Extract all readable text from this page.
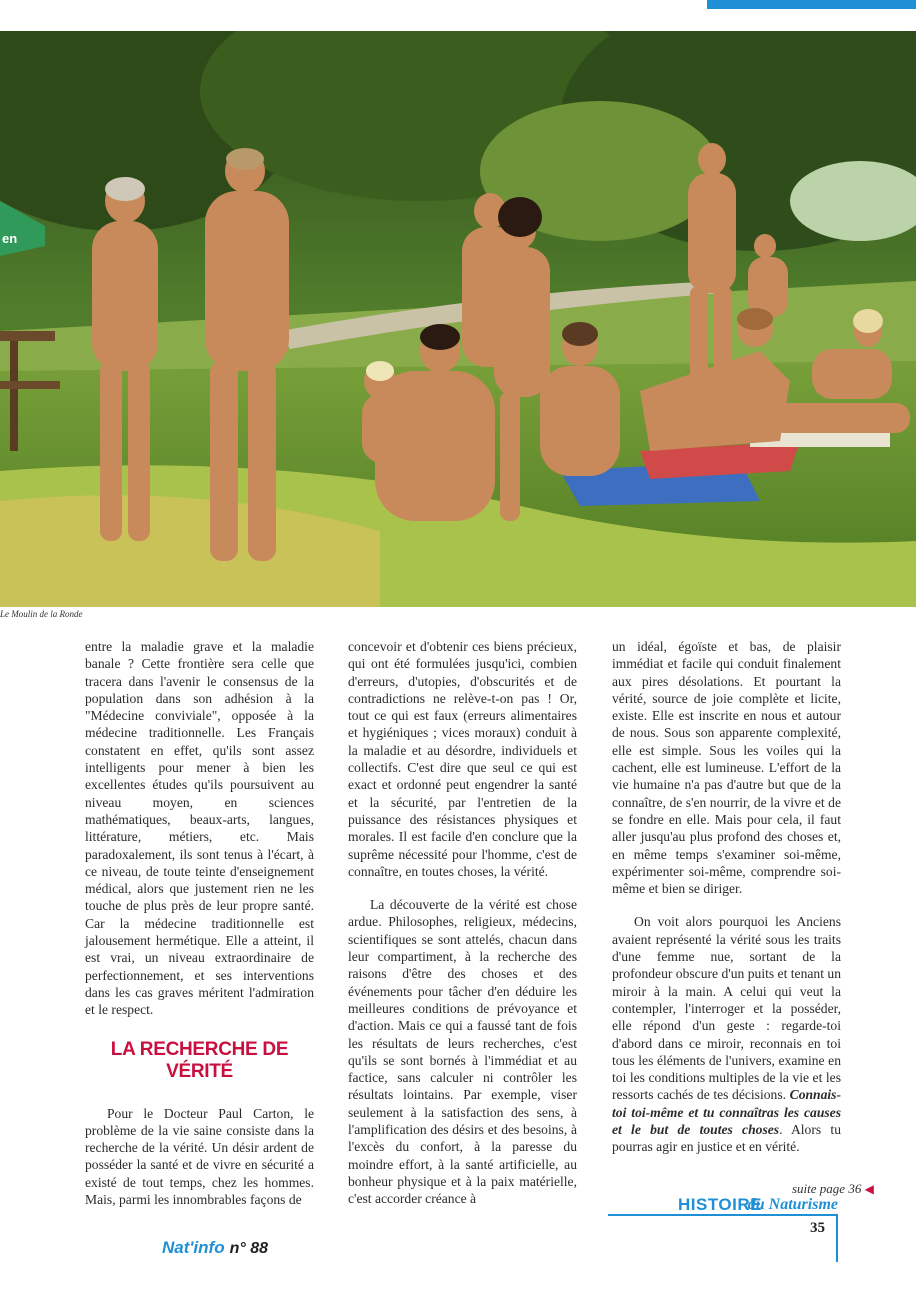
en
Le Moulin de la Ronde

entre la maladie grave et la maladie banale ? Cette frontière sera celle que tracera dans l'avenir le consensus de la population dans son adhésion à la "Médecine conviviale", opposée à la médecine traditionnelle. Les Français constatent en effet, qu'ils sont assez intelligents pour mener à bien les excellentes études qu'ils poursuivent au niveau moyen, en sciences mathématiques, beaux-arts, langues, littérature, métiers, etc. Mais paradoxalement, ils sont tenus à l'écart, à ce niveau, de toute teinte d'enseignement médical, alors que justement rien ne les touche de plus près de leur propre santé. Car la médecine traditionnelle est jalousement hermétique. Elle a atteint, il est vrai, un niveau extraordinaire de perfectionnement, et ses interventions dans les cas graves méritent l'admiration et le respect.

LA RECHERCHE DE VÉRITÉ

Pour le Docteur Paul Carton, le problème de la vie saine consiste dans la recherche de la vérité. Un désir ardent de posséder la santé et de vivre en sécurité a existé de tout temps, chez les hommes. Mais, parmi les innombrables façons de

concevoir et d'obtenir ces biens précieux, qui ont été formulées jusqu'ici, combien d'erreurs, d'utopies, d'obscurités et de contradictions ne relève-t-on pas ! Or, tout ce qui est faux (erreurs alimentaires et hygiéniques ; vices moraux) conduit à la maladie et au désordre, individuels et collectifs. C'est dire que seul ce qui est exact et ordonné peut engendrer la santé et la sécurité, par l'entretien de la puissance des résistances physiques et morales. Il est facile d'en conclure que la suprême nécessité pour l'homme, c'est de connaître, en toutes choses, la vérité.

La découverte de la vérité est chose ardue. Philosophes, religieux, médecins, scientifiques se sont attelés, chacun dans leur compartiment, à la recherche des raisons d'être des choses et des événements pour tâcher d'en déduire les meilleures conditions de prévoyance et d'action. Mais ce qui a faussé tant de fois les résultats de leurs recherches, c'est qu'ils se sont bornés à l'immédiat et au factice, sans calculer ni contrôler les résultats lointains. Par exemple, viser seulement à la satisfaction des sens, à l'amplification des désirs et des besoins, à l'excès du confort, à la paresse du moindre effort, à la santé artificielle, au bonheur physique et à la paix matérielle, c'est accorder créance à

un idéal, égoïste et bas, de plaisir immédiat et facile qui conduit finalement aux pires désolations. Et pourtant la vérité, source de joie complète et licite, existe. Elle est inscrite en nous et autour de nous. Sous son apparente complexité, elle est simple. Sous les voiles qui la cachent, elle est lumineuse. L'effort de la vie humaine n'a pas d'autre but que de la connaître, de s'en nourrir, de la vivre et de se fondre en elle. Mais pour cela, il faut aller jusqu'au plus profond des choses et, en même temps s'examiner soi-même, expérimenter soi-même, comprendre soi-même et bien se diriger.

On voit alors pourquoi les Anciens avaient représenté la vérité sous les traits d'une femme nue, sortant de la profondeur obscure d'un puits et tenant un miroir à la main. A celui qui veut la contempler, l'interroger et la posséder, elle répond d'un geste : regarde-toi d'abord dans ce miroir, reconnais en toi tous les éléments de l'univers, examine en toi les conditions multiples de la vie et les ressorts cachés de tes décisions. Connais-toi toi-même et tu connaîtras les causes et le but de toutes choses. Alors tu pourras agir en justice et en vérité.

suite page 36 ◀
HISTOIRE
du Naturisme
35
Nat'info n° 88
